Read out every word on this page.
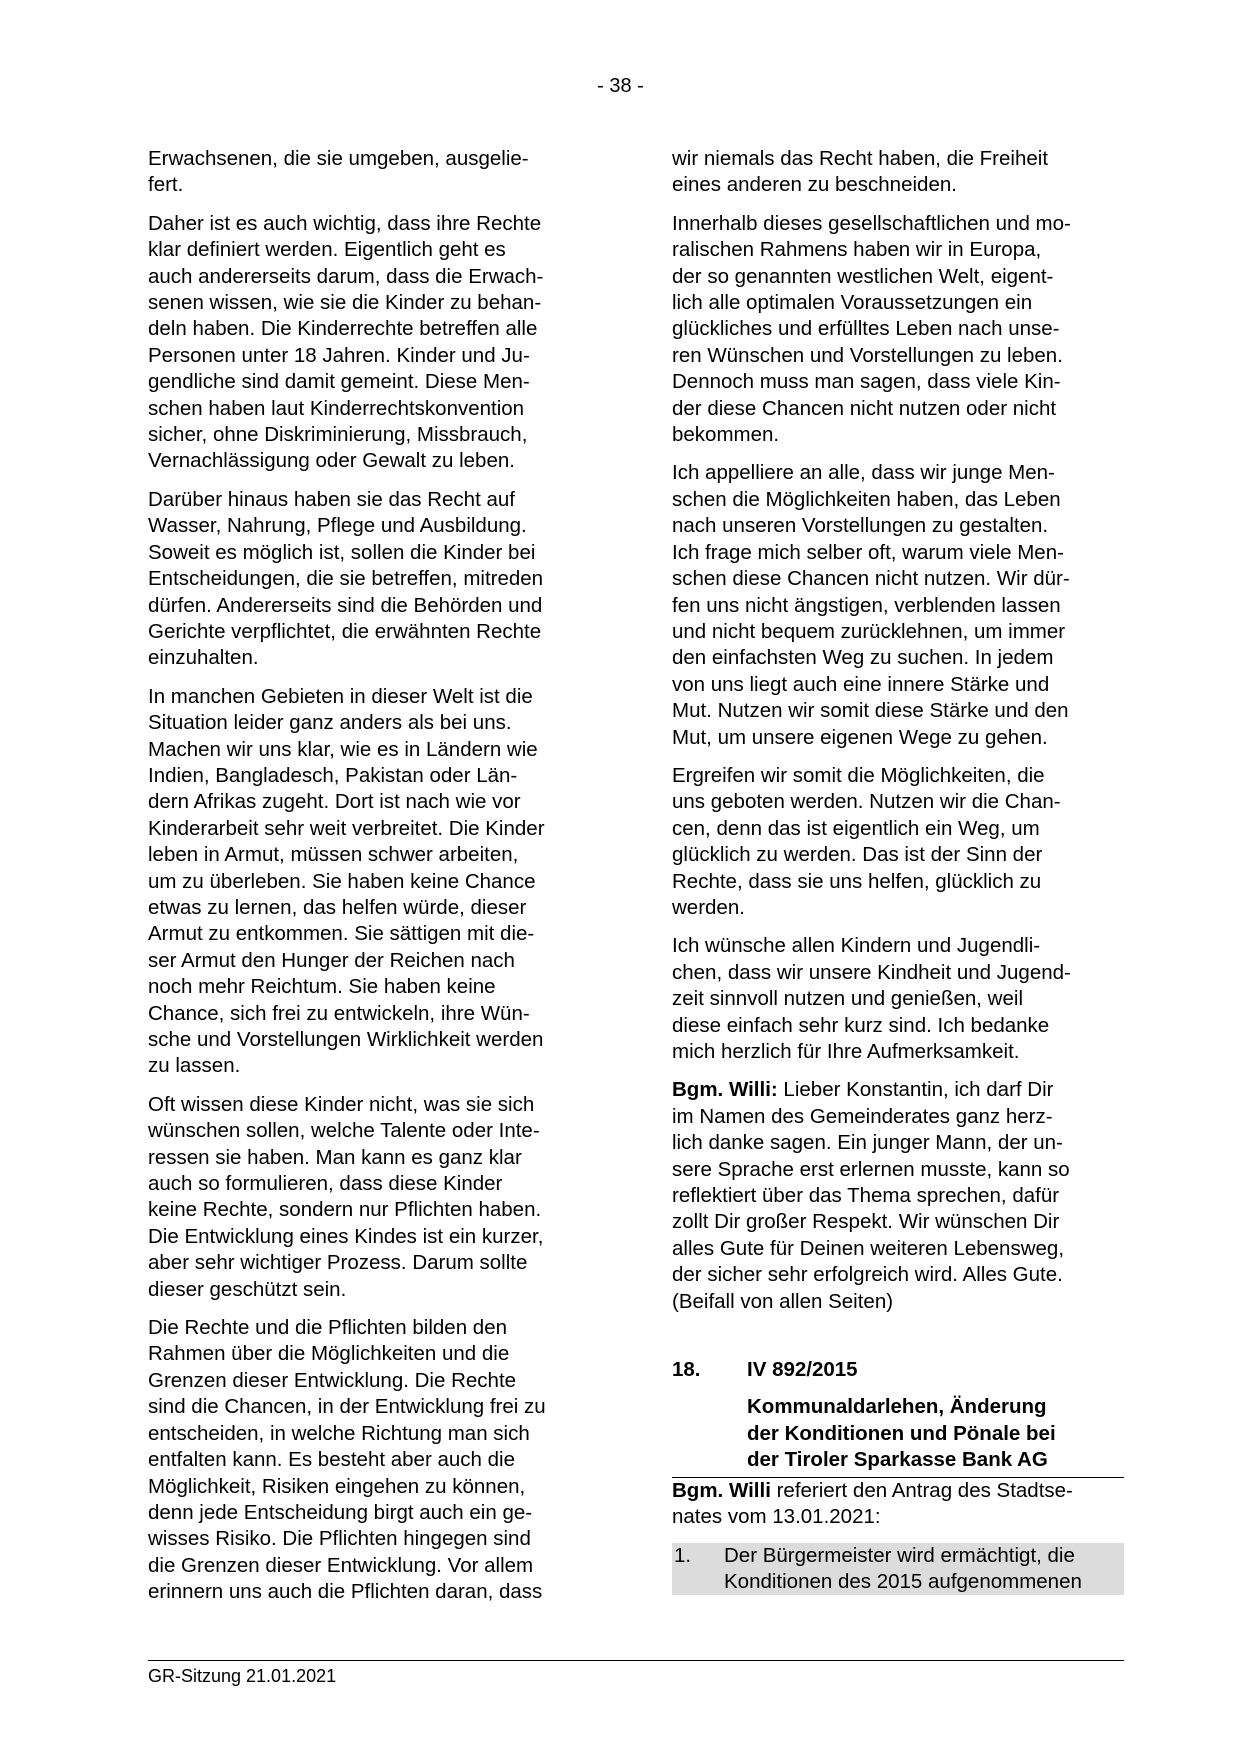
- 38 -

Erwachsenen, die sie umgeben, ausgelie-
fert.

Daher ist es auch wichtig, dass ihre Rechte
klar definiert werden. Eigentlich geht es
auch andererseits darum, dass die Erwach-
senen wissen, wie sie die Kinder zu behan-
deln haben. Die Kinderrechte betreffen alle
Personen unter 18 Jahren. Kinder und Ju-
gendliche sind damit gemeint. Diese Men-
schen haben laut Kinderrechtskonvention
sicher, ohne Diskriminierung, Missbrauch,
Vernachlässigung oder Gewalt zu leben.

Darüber hinaus haben sie das Recht auf
Wasser, Nahrung, Pflege und Ausbildung.
Soweit es möglich ist, sollen die Kinder bei
Entscheidungen, die sie betreffen, mitreden
dürfen. Andererseits sind die Behörden und
Gerichte verpflichtet, die erwähnten Rechte
einzuhalten.

In manchen Gebieten in dieser Welt ist die
Situation leider ganz anders als bei uns.
Machen wir uns klar, wie es in Ländern wie
Indien, Bangladesch, Pakistan oder Län-
dern Afrikas zugeht. Dort ist nach wie vor
Kinderarbeit sehr weit verbreitet. Die Kinder
leben in Armut, müssen schwer arbeiten,
um zu überleben. Sie haben keine Chance
etwas zu lernen, das helfen würde, dieser
Armut zu entkommen. Sie sättigen mit die-
ser Armut den Hunger der Reichen nach
noch mehr Reichtum. Sie haben keine
Chance, sich frei zu entwickeln, ihre Wün-
sche und Vorstellungen Wirklichkeit werden
zu lassen.

Oft wissen diese Kinder nicht, was sie sich
wünschen sollen, welche Talente oder Inte-
ressen sie haben. Man kann es ganz klar
auch so formulieren, dass diese Kinder
keine Rechte, sondern nur Pflichten haben.
Die Entwicklung eines Kindes ist ein kurzer,
aber sehr wichtiger Prozess. Darum sollte
dieser geschützt sein.

Die Rechte und die Pflichten bilden den
Rahmen über die Möglichkeiten und die
Grenzen dieser Entwicklung. Die Rechte
sind die Chancen, in der Entwicklung frei zu
entscheiden, in welche Richtung man sich
entfalten kann. Es besteht aber auch die
Möglichkeit, Risiken eingehen zu können,
denn jede Entscheidung birgt auch ein ge-
wisses Risiko. Die Pflichten hingegen sind
die Grenzen dieser Entwicklung. Vor allem
erinnern uns auch die Pflichten daran, dass

wir niemals das Recht haben, die Freiheit
eines anderen zu beschneiden.

Innerhalb dieses gesellschaftlichen und mo-
ralischen Rahmens haben wir in Europa,
der so genannten westlichen Welt, eigent-
lich alle optimalen Voraussetzungen ein
glückliches und erfülltes Leben nach unse-
ren Wünschen und Vorstellungen zu leben.
Dennoch muss man sagen, dass viele Kin-
der diese Chancen nicht nutzen oder nicht
bekommen.

Ich appelliere an alle, dass wir junge Men-
schen die Möglichkeiten haben, das Leben
nach unseren Vorstellungen zu gestalten.
Ich frage mich selber oft, warum viele Men-
schen diese Chancen nicht nutzen. Wir dür-
fen uns nicht ängstigen, verblenden lassen
und nicht bequem zurücklehnen, um immer
den einfachsten Weg zu suchen. In jedem
von uns liegt auch eine innere Stärke und
Mut. Nutzen wir somit diese Stärke und den
Mut, um unsere eigenen Wege zu gehen.

Ergreifen wir somit die Möglichkeiten, die
uns geboten werden. Nutzen wir die Chan-
cen, denn das ist eigentlich ein Weg, um
glücklich zu werden. Das ist der Sinn der
Rechte, dass sie uns helfen, glücklich zu
werden.

Ich wünsche allen Kindern und Jugendli-
chen, dass wir unsere Kindheit und Jugend-
zeit sinnvoll nutzen und genießen, weil
diese einfach sehr kurz sind. Ich bedanke
mich herzlich für Ihre Aufmerksamkeit.

Bgm. Willi: Lieber Konstantin, ich darf Dir
im Namen des Gemeinderates ganz herz-
lich danke sagen. Ein junger Mann, der un-
sere Sprache erst erlernen musste, kann so
reflektiert über das Thema sprechen, dafür
zollt Dir großer Respekt. Wir wünschen Dir
alles Gute für Deinen weiteren Lebensweg,
der sicher sehr erfolgreich wird. Alles Gute.
(Beifall von allen Seiten)

18.	IV 892/2015
Kommunaldarlehen, Änderung
der Konditionen und Pönale bei
der Tiroler Sparkasse Bank AG

Bgm. Willi referiert den Antrag des Stadtse-
nates vom 13.01.2021:

1.	Der Bürgermeister wird ermächtigt, die
Konditionen des 2015 aufgenommenen
GR-Sitzung 21.01.2021
